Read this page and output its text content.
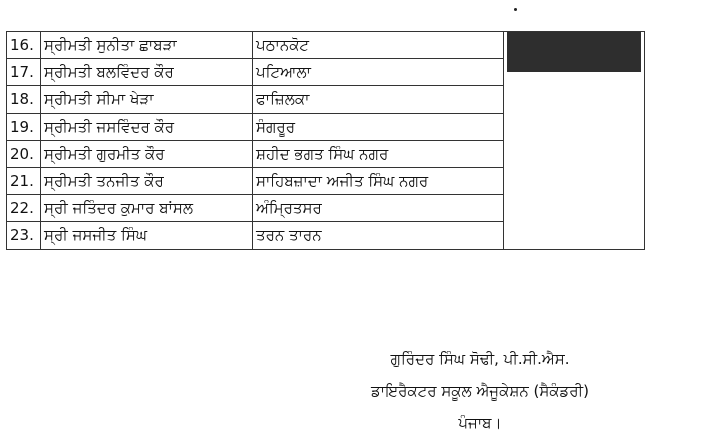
16.	ਸ੍ਰੀਮਤੀ ਸੁਨੀਤਾ ਛਾਬੜਾ	ਪਠਾਨਕੋਟ	

17.	ਸ੍ਰੀਮਤੀ ਬਲਵਿੰਦਰ ਕੌਰ	ਪਟਿਆਲਾ	
18.	ਸ੍ਰੀਮਤੀ ਸੀਮਾ ਖੇੜਾ	ਫਾਜ਼ਿਲਕਾ	
19.	ਸ੍ਰੀਮਤੀ ਜਸਵਿੰਦਰ ਕੌਰ	ਸੰਗਰੂਰ	
20.	ਸ੍ਰੀਮਤੀ ਗੁਰਮੀਤ ਕੌਰ	ਸ਼ਹੀਦ ਭਗਤ ਸਿੰਘ ਨਗਰ	
21.	ਸ੍ਰੀਮਤੀ ਤਨਜੀਤ ਕੌਰ	ਸਾਹਿਬਜ਼ਾਦਾ ਅਜੀਤ ਸਿੰਘ ਨਗਰ	
22.	ਸ੍ਰੀ ਜਤਿੰਦਰ ਕੁਮਾਰ ਬਾਂਸਲ	ਅੰਮ੍ਰਿਤਸਰ	
23.	ਸ੍ਰੀ ਜਸਜੀਤ ਸਿੰਘ	ਤਰਨ ਤਾਰਨ	
ਗੁਰਿੰਦਰ ਸਿੰਘ ਸੋਢੀ, ਪੀ.ਸੀ.ਐਸ.
ਡਾਇਰੈਕਟਰ ਸਕੂਲ ਐਜੂਕੇਸ਼ਨ (ਸੈਕੰਡਰੀ)
ਪੰਜਾਬ।
